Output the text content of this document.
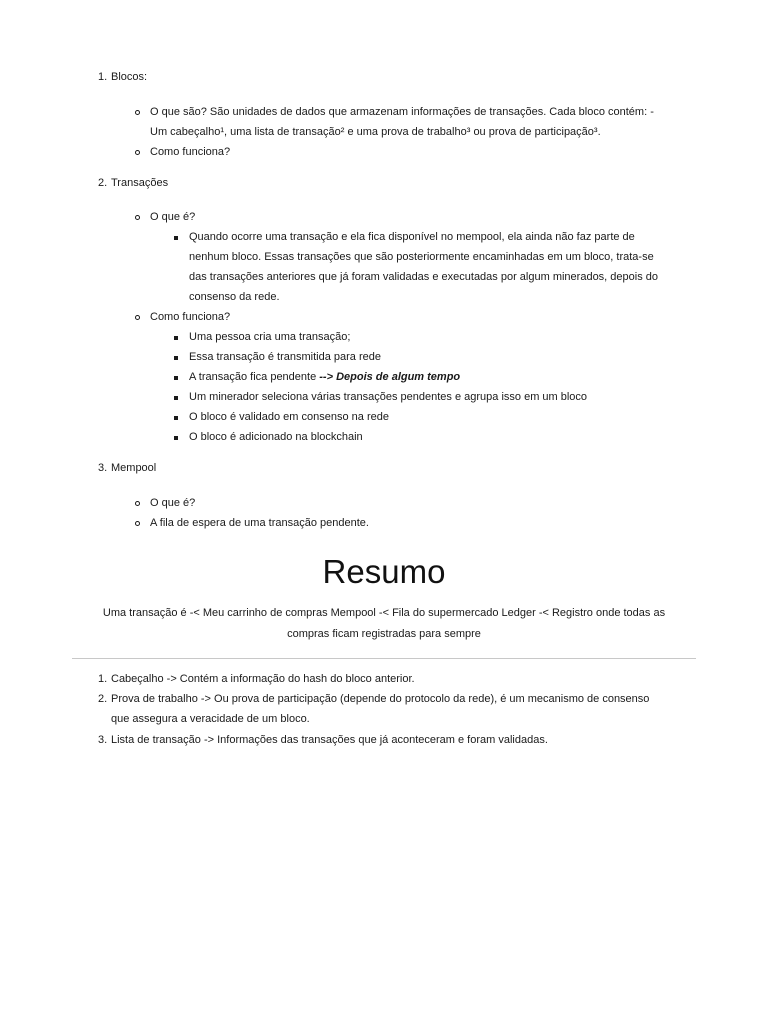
1. Blocos:
O que são? São unidades de dados que armazenam informações de transações. Cada bloco contém: -
Um cabeçalho¹, uma lista de transação² e uma prova de trabalho³ ou prova de participação³.
Como funciona?
2. Transações
O que é?
Quando ocorre uma transação e ela fica disponível no mempool, ela ainda não faz parte de
nenhum bloco. Essas transações que são posteriormente encaminhadas em um bloco, trata-se
das transações anteriores que já foram validadas e executadas por algum minerados, depois do
consenso da rede.
Como funciona?
Uma pessoa cria uma transação;
Essa transação é transmitida para rede
A transação fica pendente --> Depois de algum tempo
Um minerador seleciona várias transações pendentes e agrupa isso em um bloco
O bloco é validado em consenso na rede
O bloco é adicionado na blockchain
3. Mempool
O que é?
A fila de espera de uma transação pendente.
Resumo
Uma transação é -< Meu carrinho de compras Mempool -< Fila do supermercado Ledger -< Registro onde todas as
compras ficam registradas para sempre
1. Cabeçalho -> Contém a informação do hash do bloco anterior.
2. Prova de trabalho -> Ou prova de participação (depende do protocolo da rede), é um mecanismo de consenso
que assegura a veracidade de um bloco.
3. Lista de transação -> Informações das transações que já aconteceram e foram validadas.
